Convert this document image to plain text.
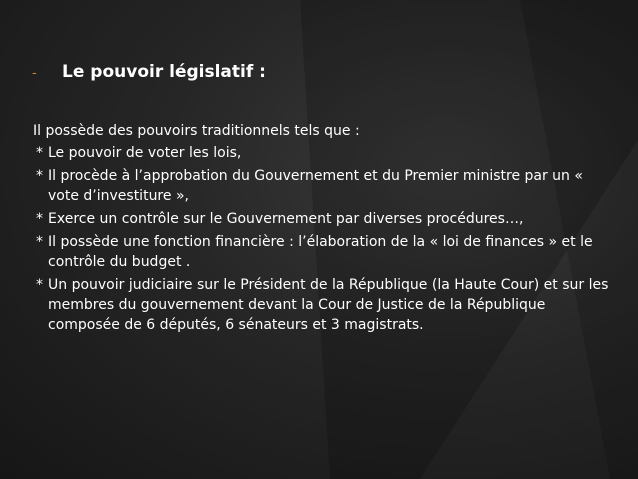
-	Le pouvoir législatif :
Il possède des pouvoirs traditionnels tels que :
* Le pouvoir de voter les lois,
* Il procède à l’approbation du Gouvernement et du Premier ministre par un « vote d’investiture »,
* Exerce un contrôle sur le Gouvernement par diverses procédures…,
* Il possède une fonction financière : l’élaboration de la « loi de finances » et le contrôle du budget .
* Un pouvoir judiciaire sur le Président de la République (la Haute Cour) et sur les membres du gouvernement devant la Cour de Justice de la République composée de 6 députés, 6 sénateurs et 3 magistrats.
